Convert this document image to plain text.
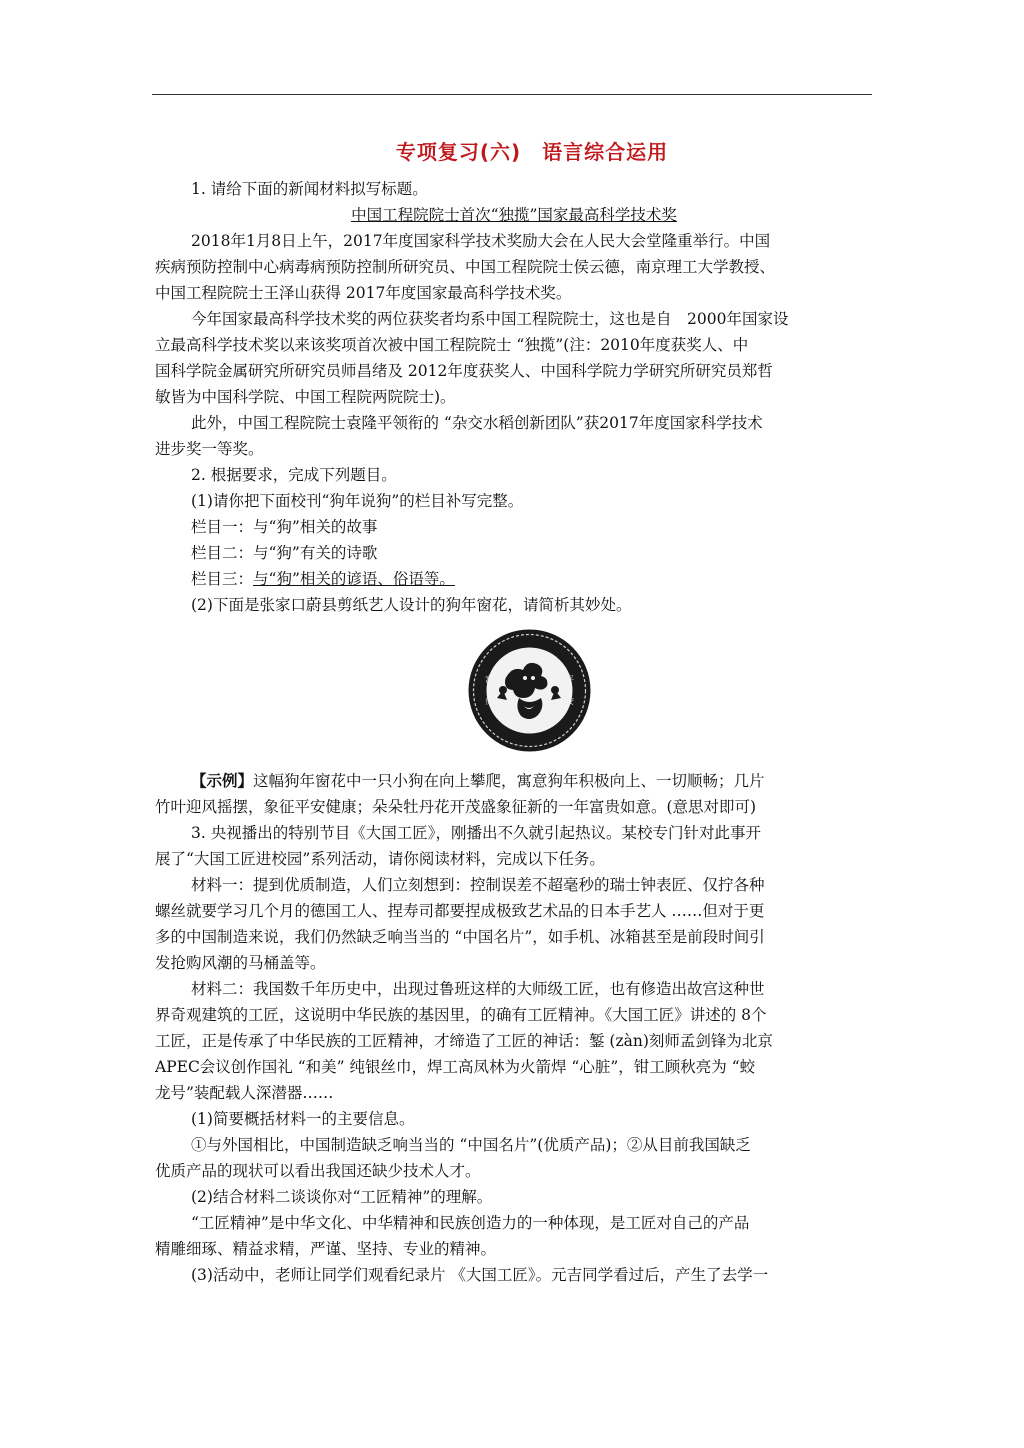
专项复习(六)　语言综合运用

1. 请给下面的新闻材料拟写标题。

中国工程院院士首次“独揽”国家最高科学技术奖

2018年1月8日上午，2017年度国家科学技术奖励大会在人民大会堂隆重举行。中国

疾病预防控制中心病毒病预防控制所研究员、中国工程院院士侯云德，南京理工大学教授、

中国工程院院士王泽山获得 2017年度国家最高科学技术奖。

今年国家最高科学技术奖的两位获奖者均系中国工程院院士，这也是自　2000年国家设

立最高科学技术奖以来该奖项首次被中国工程院院士 “独揽”(注：2010年度获奖人、中

国科学院金属研究所研究员师昌绪及 2012年度获奖人、中国科学院力学研究所研究员郑哲

敏皆为中国科学院、中国工程院两院院士)。

此外，中国工程院院士袁隆平领衔的 “杂交水稻创新团队”获2017年度国家科学技术

进步奖一等奖。

2. 根据要求，完成下列题目。

(1)请你把下面校刊“狗年说狗”的栏目补写完整。

栏目一：与“狗”相关的故事

栏目二：与“狗”有关的诗歌

栏目三：与“狗”相关的谚语、俗语等。

(2)下面是张家口蔚县剪纸艺人设计的狗年窗花，请简析其妙处。

富
贵
平
安

【示例】这幅狗年窗花中一只小狗在向上攀爬，寓意狗年积极向上、一切顺畅；几片

竹叶迎风摇摆，象征平安健康；朵朵牡丹花开茂盛象征新的一年富贵如意。(意思对即可)

3. 央视播出的特别节目《大国工匠》，刚播出不久就引起热议。某校专门针对此事开

展了“大国工匠进校园”系列活动，请你阅读材料，完成以下任务。

材料一：提到优质制造，人们立刻想到：控制误差不超毫秒的瑞士钟表匠、仅拧各种

螺丝就要学习几个月的德国工人、捏寿司都要捏成极致艺术品的日本手艺人 ……但对于更

多的中国制造来说，我们仍然缺乏响当当的 “中国名片”，如手机、冰箱甚至是前段时间引

发抢购风潮的马桶盖等。

材料二：我国数千年历史中，出现过鲁班这样的大师级工匠，也有修造出故宫这种世

界奇观建筑的工匠，这说明中华民族的基因里，的确有工匠精神。《大国工匠》讲述的 8个

工匠，正是传承了中华民族的工匠精神，才缔造了工匠的神话：錾 (zàn)刻师孟剑锋为北京

APEC会议创作国礼 “和美” 纯银丝巾，焊工高凤林为火箭焊 “心脏”，钳工顾秋亮为 “蛟

龙号”装配载人深潜器……

(1)简要概括材料一的主要信息。

①与外国相比，中国制造缺乏响当当的 “中国名片”(优质产品)；②从目前我国缺乏

优质产品的现状可以看出我国还缺少技术人才。

(2)结合材料二谈谈你对“工匠精神”的理解。

“工匠精神”是中华文化、中华精神和民族创造力的一种体现，是工匠对自己的产品

精雕细琢、精益求精，严谨、坚持、专业的精神。

(3)活动中，老师让同学们观看纪录片 《大国工匠》。元吉同学看过后，产生了去学一
